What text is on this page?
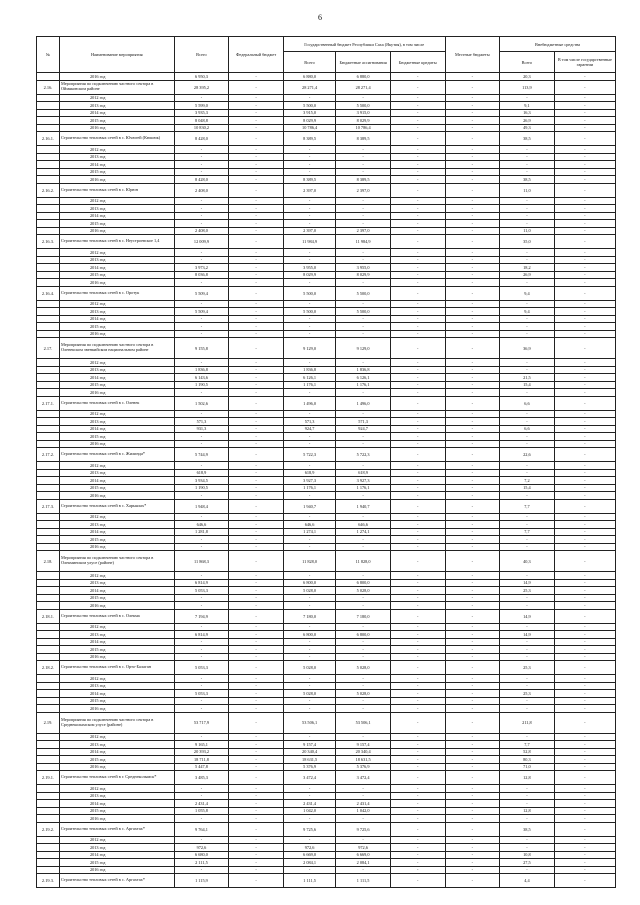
6
№	Наименование мероприятия	Всего	Федеральный бюджет	Государственный бюджет Республики Саха (Якутия), в том числе			Местные бюджеты	Внебюджетные средства	
				Всего	Бюджетные ассигнования	Бюджетные кредиты		Всего	В том числе государственные гарантии
	2016 год	6 950,3	-	6 880,0	6 880,0	-	-	20,3	-
2.16.	Мероприятия по подключению частного сектора в Оймяконском районе	28 395,2	-	28 271,4	28 271,4	-	-	113,9	-
	2012 год	-	-	-	-	-	-	-	-
	2013 год	5 599,0	-	5 500,0	5 500,0	-	-	9,1	-
	2014 год	3 935,3	-	3 915,0	3 915,0	-	-	16,3	-
	2015 год	8 048,8	-	8 029,9	8 029,9	-	-	26,9	-
	2016 год	10 830,2	-	10 786,4	10 786,4	-	-	49,3	-
2.16.1.	Строительство тепловых сетей в с. Ючюгей (Кюшюк)	8 428,0	-	8 389,5	8 389,5	-	-	38,5	-
	2012 год	-	-	-	-	-	-	-	-
	2013 год	-	-	-	-	-	-	-	-
	2014 год	-	-	-	-	-	-	-	-
	2015 год	-	-	-	-	-	-	-	-
	2016 год	8 428,0	-	8 389,5	8 389,5	-	-	38,5	-
2.16.2.	Строительство тепловых сетей в с. Юрюн	2 408,0	-	2 397,0	2 397,0	-	-	11,0	-
	2012 год	-	-	-	-	-	-	-	-
	2013 год	-	-	-	-	-	-	-	-
	2014 год	-	-	-	-	-	-	-	-
	2015 год	-	-	-	-	-	-	-	-
	2016 год	2 408,0	-	2 397,0	2 397,0	-	-	11,0	-
2.16.3.	Строительство тепловых сетей в с. Неустроевское 1,4	12 009,9	-	11 984,9	11 984,9	-	-	35,0	-
	2012 год	-	-	-	-	-	-	-	-
	2013 год	-	-	-	-	-	-	-	-
	2014 год	3 973,2	-	3 955,0	3 955,0	-	-	18,2	-
	2015 год	8 036,8	-	8 029,9	8 029,9	-	-	26,9	-
	2016 год	-	-	-	-	-	-	-	-
2.16.4.	Строительство тепловых сетей в с. Оротук	5 509,4	-	5 500,0	5 500,0	-	-	9,4	-
	2012 год	-	-	-	-	-	-	-	-
	2013 год	5 509,4	-	5 500,0	5 500,0	-	-	9,4	-
	2014 год	-	-	-	-	-	-	-	-
	2015 год	-	-	-	-	-	-	-	-
	2016 год	-	-	-	-	-	-	-	-
2.17.	Мероприятия по подключению частного сектора в Оленекском эвенкийском национальном районе	9 155,8	-	9 129,0	9 129,0	-	-	36,9	-
	2012 год	-	-	-	-	-	-	-	-
	2013 год	1 836,8	-	1 836,8	1 836,8	-	-	-	-
	2014 год	6 143,6	-	6 126,1	6 126,1	-	-	21,5	-
	2015 год	1 190,5	-	1 176,1	1 176,1	-	-	15,4	-
	2016 год	-	-	-	-	-	-	-	-
2.17.1.	Строительство тепловых сетей в с. Оленек	1 502,6	-	1 496,0	1 496,0	-	-	6,6	-
	2012 год	-	-	-	-	-	-	-	-
	2013 год	571,3	-	571,3	571,3	-	-	-	-
	2014 год	931,3	-	924,7	924,7	-	-	6,6	-
	2015 год	-	-	-	-	-	-	-	-
	2016 год	-	-	-	-	-	-	-	-
2.17.2.	Строительство тепловых сетей в с. Жилинда*	5 744,9	-	5 722,3	5 722,3	-	-	22,6	-
	2012 год	-	-	-	-	-	-	-	-
	2013 год	618,9	-	618,9	618,9	-	-	-	-
	2014 год	3 934,5	-	3 927,3	3 927,3	-	-	7,2	-
	2015 год	1 190,5	-	1 176,1	1 176,1	-	-	15,4	-
	2016 год	-	-	-	-	-	-	-	-
2.17.3.	Строительство тепловых сетей в с. Харыялах*	1 948,4	-	1 940,7	1 940,7	-	-	7,7	-
	2012 год	-	-	-	-	-	-	-	-
	2013 год	646,6	-	646,6	646,6	-	-	-	-
	2014 год	1 281,8	-	1 274,1	1 274,1	-	-	7,7	-
	2015 год	-	-	-	-	-	-	-	-
	2016 год	-	-	-	-	-	-	-	-
2.18.	Мероприятия по подключению частного сектора в Олекминском улусе (районе)	11 868,3	-	11 828,0	11 828,0	-	-	40,3	-
	2012 год	-	-	-	-	-	-	-	-
	2013 год	6 814,9	-	6 800,0	6 800,0	-	-	14,9	-
	2014 год	5 053,3	-	5 028,0	5 028,0	-	-	25,3	-
	2015 год	-	-	-	-	-	-	-	-
	2016 год	-	-	-	-	-	-	-	-
2.18.1.	Строительство тепловых сетей в с. Олекма	7 194,9	-	7 180,0	7 180,0	-	-	14,9	-
	2012 год	-	-	-	-	-	-	-	-
	2013 год	6 814,9	-	6 800,0	6 800,0	-	-	14,9	-
	2014 год	-	-	-	-	-	-	-	-
	2015 год	-	-	-	-	-	-	-	-
	2016 год	-	-	-	-	-	-	-	-
2.18.2.	Строительство тепловых сетей в с. Орто-Балаган	5 053,3	-	5 028,0	5 028,0	-	-	25,3	-
	2012 год	-	-	-	-	-	-	-	-
	2013 год	-	-	-	-	-	-	-	-
	2014 год	5 053,3	-	5 028,0	5 028,0	-	-	25,3	-
	2015 год	-	-	-	-	-	-	-	-
	2016 год	-	-	-	-	-	-	-	-
2.19.	Мероприятия по подключению частного сектора в Среднеколымском улусе (районе)	53 717,9	-	53 506,1	53 506,1	-	-	211,8	-
	2012 год	-	-	-	-	-	-	-	-
	2013 год	9 165,1	-	9 157,4	9 157,4	-	-	7,7	-
	2014 год	20 393,2	-	20 340,4	20 340,4	-	-	52,8	-
	2015 год	18 711,8	-	18 631,5	18 631,5	-	-	80,3	-
	2016 год	5 447,8	-	5 376,9	5 376,9	-	-	71,0	-
2.19.1.	Строительство тепловых сетей в г. Среднеколымск*	3 485,3	-	3 472,4	3 472,4	-	-	12,8	-
	2012 год	-	-	-	-	-	-	-	-
	2013 год	-	-	-	-	-	-	-	-
	2014 год	2 431,4	-	2 431,4	2 431,4	-	-	-	-
	2015 год	1 055,8	-	1 042,0	1 042,0	-	-	12,8	-
	2016 год	-	-	-	-	-	-	-	-
2.19.2.	Строительство тепловых сетей в с. Аргахтах*	9 764,1	-	9 725,6	9 725,6	-	-	38,5	-
	2012 год	-	-	-	-	-	-	-	-
	2013 год	972,6	-	972,6	972,6	-	-	-	-
	2014 год	6 680,0	-	6 669,0	6 669,0	-	-	10,8	-
	2015 год	2 111,5	-	2 084,1	2 084,1	-	-	27,5	-
	2016 год	-	-	-	-	-	-	-	-
2.19.3.	Строительство тепловых сетей в с. Аргахтах*	1 115,9	-	1 111,5	1 111,5	-	-	4,4	-
